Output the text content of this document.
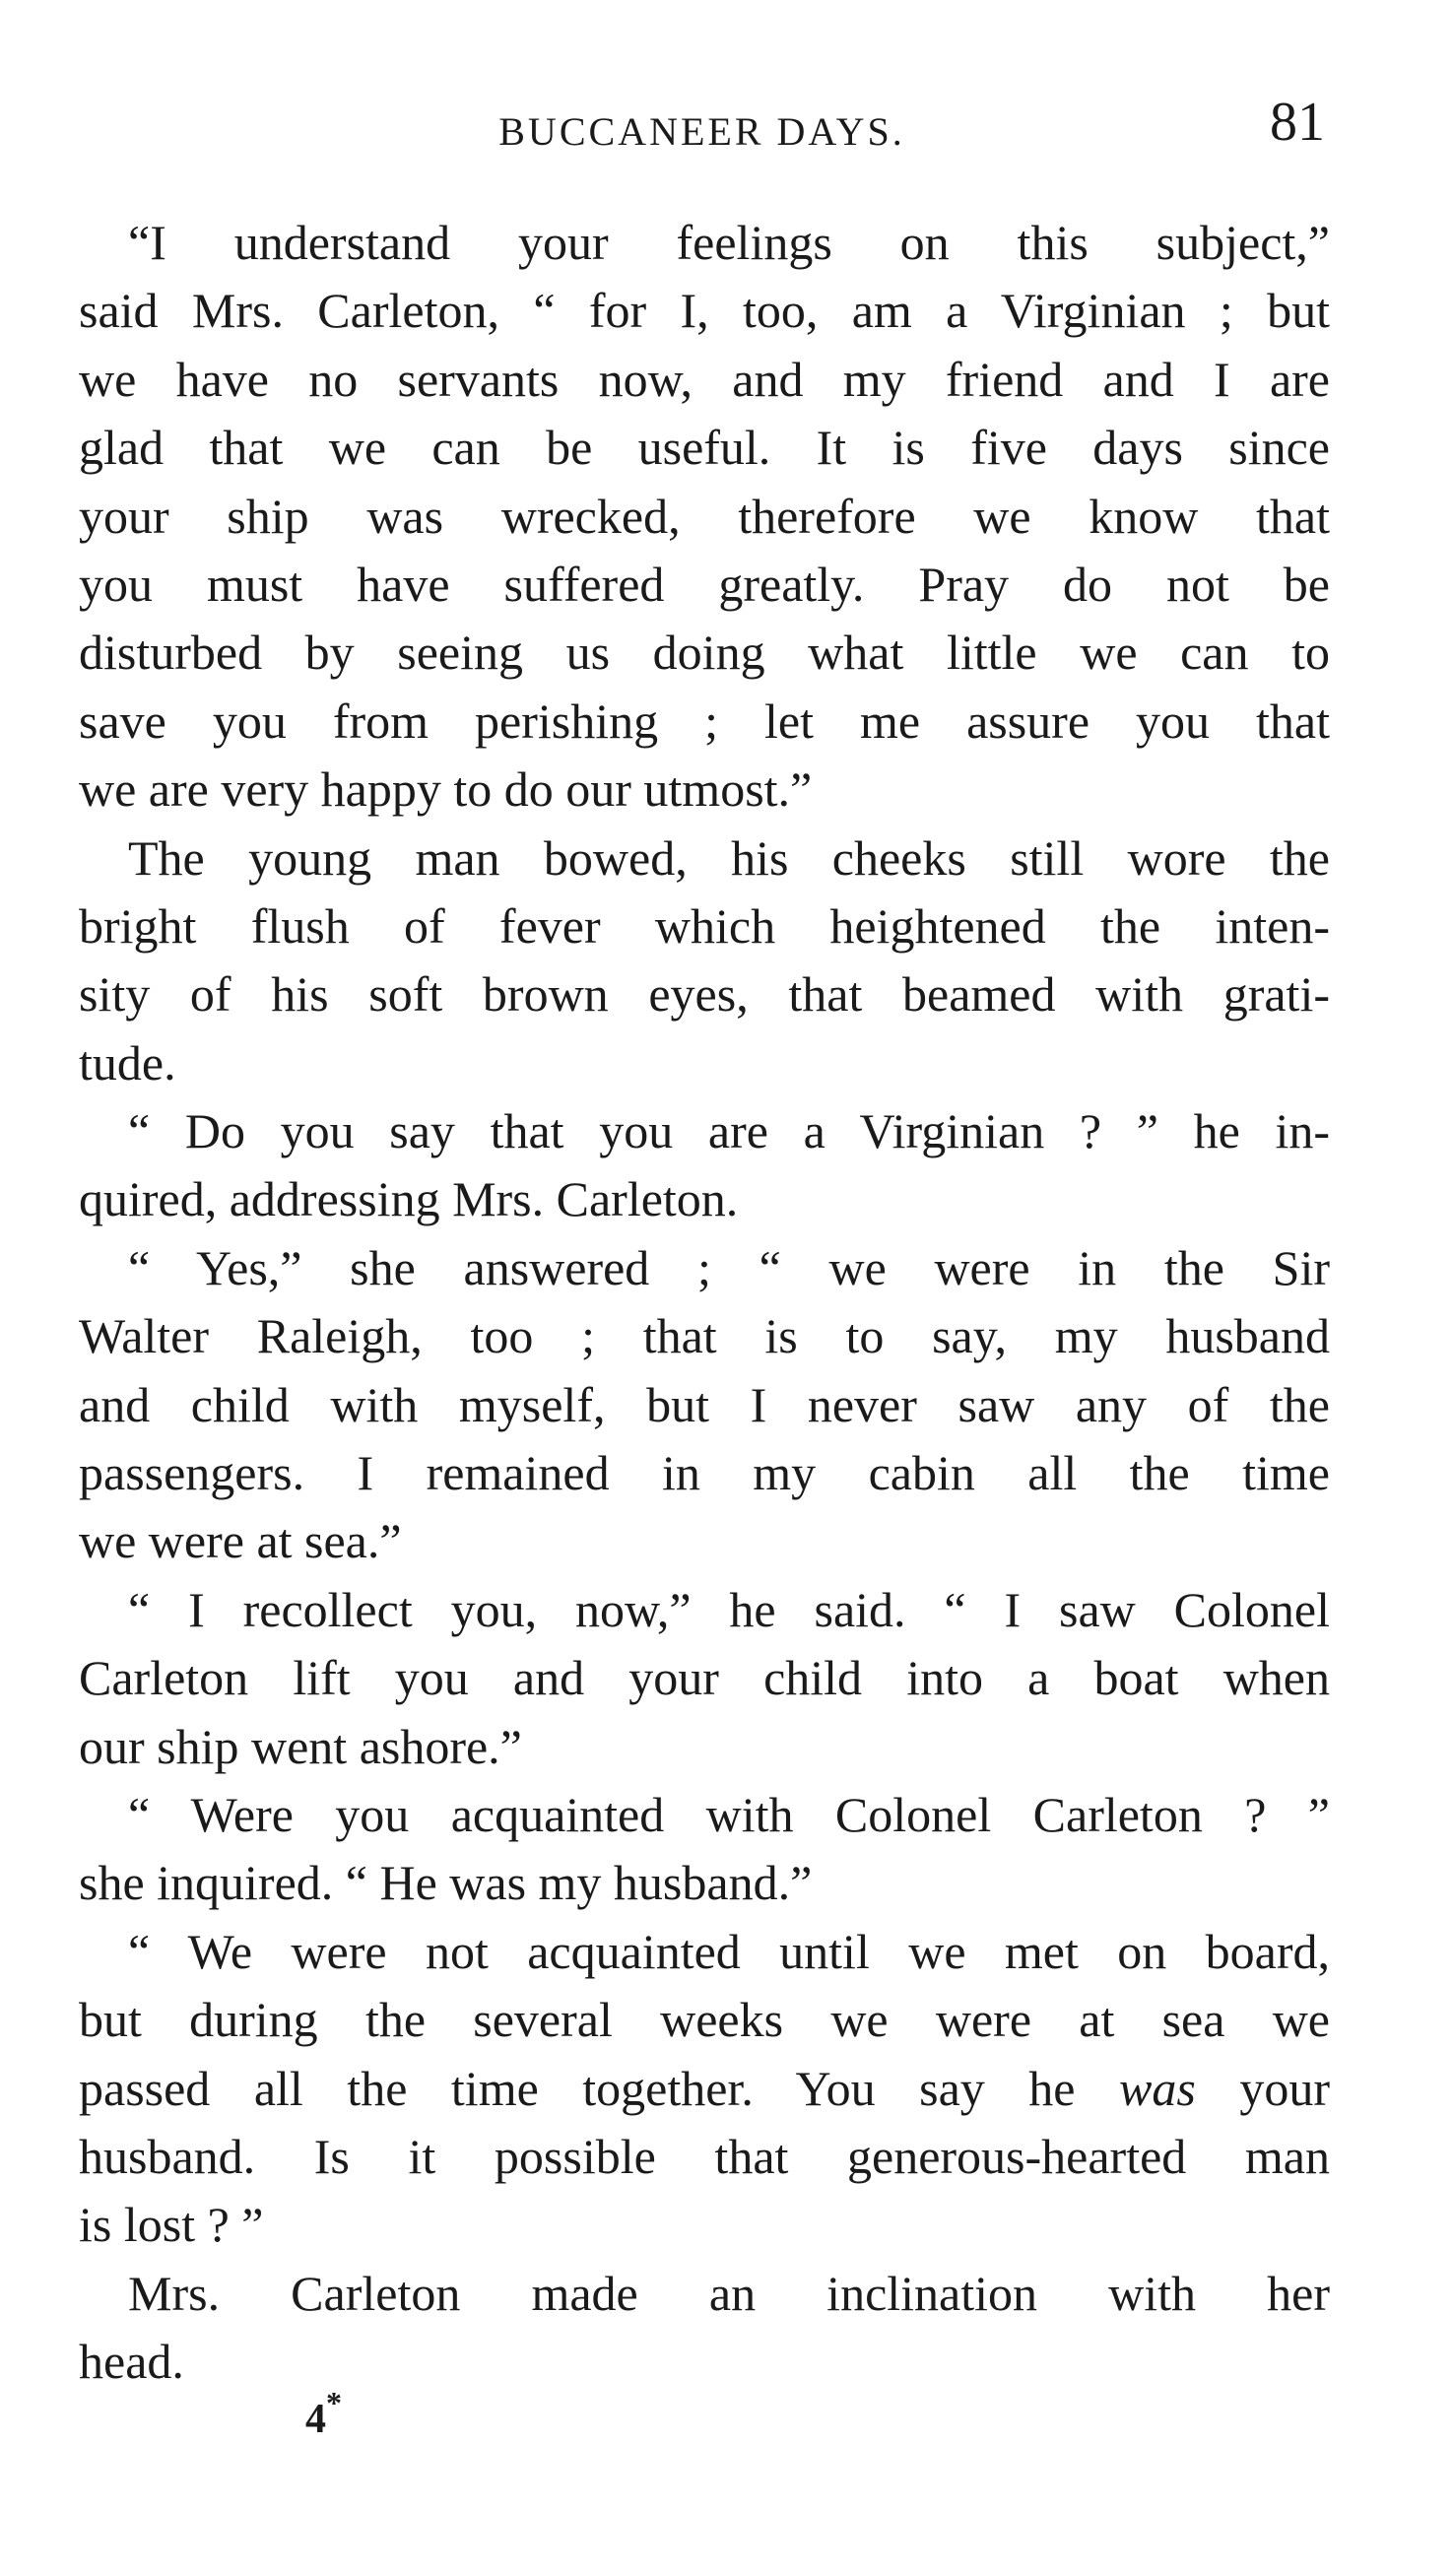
BUCCANEER DAYS.	81
“I understand your feelings on this subject,”
said Mrs. Carleton, “ for I, too, am a Virginian ; but
we have no servants now, and my friend and I are
glad that we can be useful. It is five days since
your ship was wrecked, therefore we know that
you must have suffered greatly. Pray do not be
disturbed by seeing us doing what little we can to
save you from perishing ; let me assure you that
we are very happy to do our utmost.”
The young man bowed, his cheeks still wore the
bright flush of fever which heightened the inten-
sity of his soft brown eyes, that beamed with grati-
tude.
“ Do you say that you are a Virginian ? ” he in-
quired, addressing Mrs. Carleton.
“ Yes,” she answered ; “ we were in the Sir
Walter Raleigh, too ; that is to say, my husband
and child with myself, but I never saw any of the
passengers. I remained in my cabin all the time
we were at sea.”
“ I recollect you, now,” he said. “ I saw Colonel
Carleton lift you and your child into a boat when
our ship went ashore.”
“ Were you acquainted with Colonel Carleton ? ”
she inquired. “ He was my husband.”
“ We were not acquainted until we met on board,
but during the several weeks we were at sea we
passed all the time together. You say he was your
husband. Is it possible that generous-hearted man
is lost ? ”
Mrs. Carleton made an inclination with her
head.
4*
